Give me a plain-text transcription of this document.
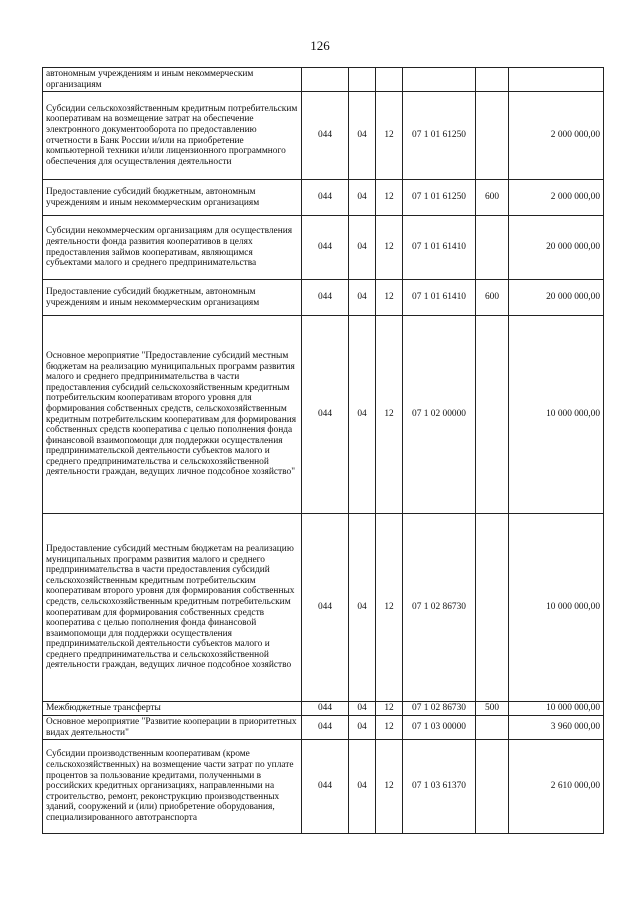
126
автономным учреждениям и иным некоммерческим организациям						
Субсидии сельскохозяйственным кредитным потребительским кооперативам на возмещение затрат на обеспечение электронного документооборота по предоставлению отчетности в Банк России и/или на приобретение компьютерной техники и/или лицензионного программного обеспечения для осуществления деятельности	044	04	12	07 1 01 61250		2 000 000,00
Предоставление субсидий бюджетным, автономным учреждениям и иным некоммерческим организациям	044	04	12	07 1 01 61250	600	2 000 000,00
Субсидии некоммерческим организациям для осуществления деятельности фонда развития кооперативов в целях предоставления займов кооперативам, являющимся субъектами малого и среднего предпринимательства	044	04	12	07 1 01 61410		20 000 000,00
Предоставление субсидий бюджетным, автономным учреждениям и иным некоммерческим организациям	044	04	12	07 1 01 61410	600	20 000 000,00
Основное мероприятие "Предоставление субсидий местным бюджетам на реализацию муниципальных программ развития малого и среднего предпринимательства в части предоставления субсидий сельскохозяйственным кредитным потребительским кооперативам второго уровня для формирования собственных средств, сельскохозяйственным кредитным потребительским кооперативам для формирования собственных средств кооператива с целью пополнения фонда финансовой взаимопомощи для поддержки осуществления предпринимательской деятельности субъектов малого и среднего предпринимательства и сельскохозяйственной деятельности граждан, ведущих личное подсобное хозяйство"	044	04	12	07 1 02 00000		10 000 000,00
Предоставление субсидий местным бюджетам на реализацию муниципальных программ развития малого и среднего предпринимательства в части предоставления субсидий сельскохозяйственным кредитным потребительским кооперативам второго уровня для формирования собственных средств, сельскохозяйственным кредитным потребительским кооперативам для формирования собственных средств кооператива с целью пополнения фонда финансовой взаимопомощи для поддержки осуществления предпринимательской деятельности субъектов малого и среднего предпринимательства и сельскохозяйственной деятельности граждан, ведущих личное подсобное хозяйство	044	04	12	07 1 02 86730		10 000 000,00
Межбюджетные трансферты	044	04	12	07 1 02 86730	500	10 000 000,00
Основное мероприятие "Развитие кооперации в приоритетных видах деятельности"	044	04	12	07 1 03 00000		3 960 000,00
Субсидии производственным кооперативам (кроме сельскохозяйственных) на возмещение части затрат по уплате процентов за пользование кредитами, полученными в российских кредитных организациях, направленными на строительство, ремонт, реконструкцию производственных зданий, сооружений и (или) приобретение оборудования, специализированного автотранспорта	044	04	12	07 1 03 61370		2 610 000,00
